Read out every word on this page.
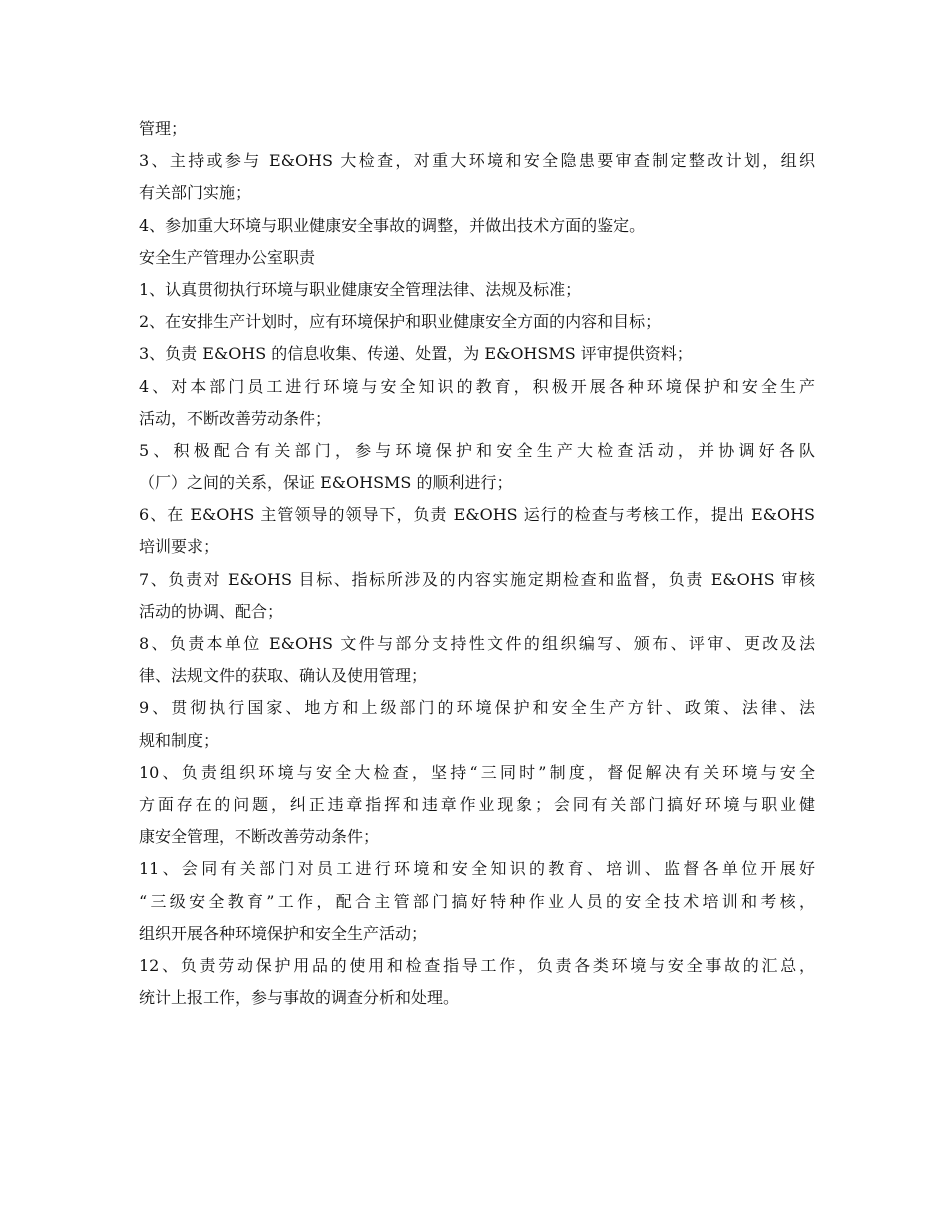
管理；
3、主持或参与 E&OHS 大检查，对重大环境和安全隐患要审查制定整改计划，组织
有关部门实施；
4、参加重大环境与职业健康安全事故的调整，并做出技术方面的鉴定。
安全生产管理办公室职责
1、认真贯彻执行环境与职业健康安全管理法律、法规及标准；
2、在安排生产计划时，应有环境保护和职业健康安全方面的内容和目标；
3、负责 E&OHS 的信息收集、传递、处置，为 E&OHSMS 评审提供资料；
4、对本部门员工进行环境与安全知识的教育，积极开展各种环境保护和安全生产
活动，不断改善劳动条件；
5、积极配合有关部门，参与环境保护和安全生产大检查活动，并协调好各队
（厂）之间的关系，保证 E&OHSMS 的顺利进行；
6、在 E&OHS 主管领导的领导下，负责 E&OHS 运行的检查与考核工作，提出 E&OHS
培训要求；
7、负责对 E&OHS 目标、指标所涉及的内容实施定期检查和监督，负责 E&OHS 审核
活动的协调、配合；
8、负责本单位 E&OHS 文件与部分支持性文件的组织编写、颁布、评审、更改及法
律、法规文件的获取、确认及使用管理；
9、贯彻执行国家、地方和上级部门的环境保护和安全生产方针、政策、法律、法
规和制度；
10、负责组织环境与安全大检查，坚持“三同时”制度，督促解决有关环境与安全
方面存在的问题，纠正违章指挥和违章作业现象；会同有关部门搞好环境与职业健
康安全管理，不断改善劳动条件；
11、会同有关部门对员工进行环境和安全知识的教育、培训、监督各单位开展好
“三级安全教育”工作，配合主管部门搞好特种作业人员的安全技术培训和考核，
组织开展各种环境保护和安全生产活动；
12、负责劳动保护用品的使用和检查指导工作，负责各类环境与安全事故的汇总，
统计上报工作，参与事故的调查分析和处理。
